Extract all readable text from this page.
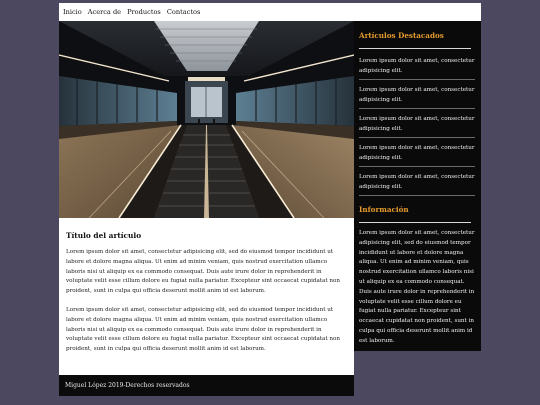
Inicio Acerca de Productos Contactos
Título del artículo

Lorem ipsum dolor sit amet, consectetur adipisicing elit, sed do eiusmod tempor incididunt ut labore et dolore magna aliqua. Ut enim ad minim veniam, quis nostrud exercitation ullamco laboris nisi ut aliquip ex ea commodo consequat. Duis aute irure dolor in reprehenderit in voluptate velit esse cillum dolore eu fugiat nulla pariatur. Excepteur sint occaecat cupidatat non proident, sunt in culpa qui officia deserunt mollit anim id est laborum.

Lorem ipsum dolor sit amet, consectetur adipisicing elit, sed do eiusmod tempor incididunt ut labore et dolore magna aliqua. Ut enim ad minim veniam, quis nostrud exercitation ullamco laboris nisi ut aliquip ex ea commodo consequat. Duis aute irure dolor in reprehenderit in voluptate velit esse cillum dolore eu fugiat nulla pariatur. Excepteur sint occaecat cupidatat non proident, sunt in culpa qui officia deserunt mollit anim id est laborum.

Miguel López 2019-Derechos reservados
Artículos Destacados
Lorem ipsum dolor sit amet, consectetur adipisicing elit.
Lorem ipsum dolor sit amet, consectetur adipisicing elit.
Lorem ipsum dolor sit amet, consectetur adipisicing elit.
Lorem ipsum dolor sit amet, consectetur adipisicing elit.
Lorem ipsum dolor sit amet, consectetur adipisicing elit.
Información

Lorem ipsum dolor sit amet, consectetur adipisicing elit, sed do eiusmod tempor incididunt ut labore et dolore magna aliqua. Ut enim ad minim veniam, quis nostrud exercitation ullamco laboris nisi ut aliquip ex ea commodo consequat. Duis aute irure dolor in reprehenderit in voluptate velit esse cillum dolore eu fugiat nulla pariatur. Excepteur sint occaecat cupidatat non proident, sunt in culpa qui officia deserunt mollit anim id est laborum.
